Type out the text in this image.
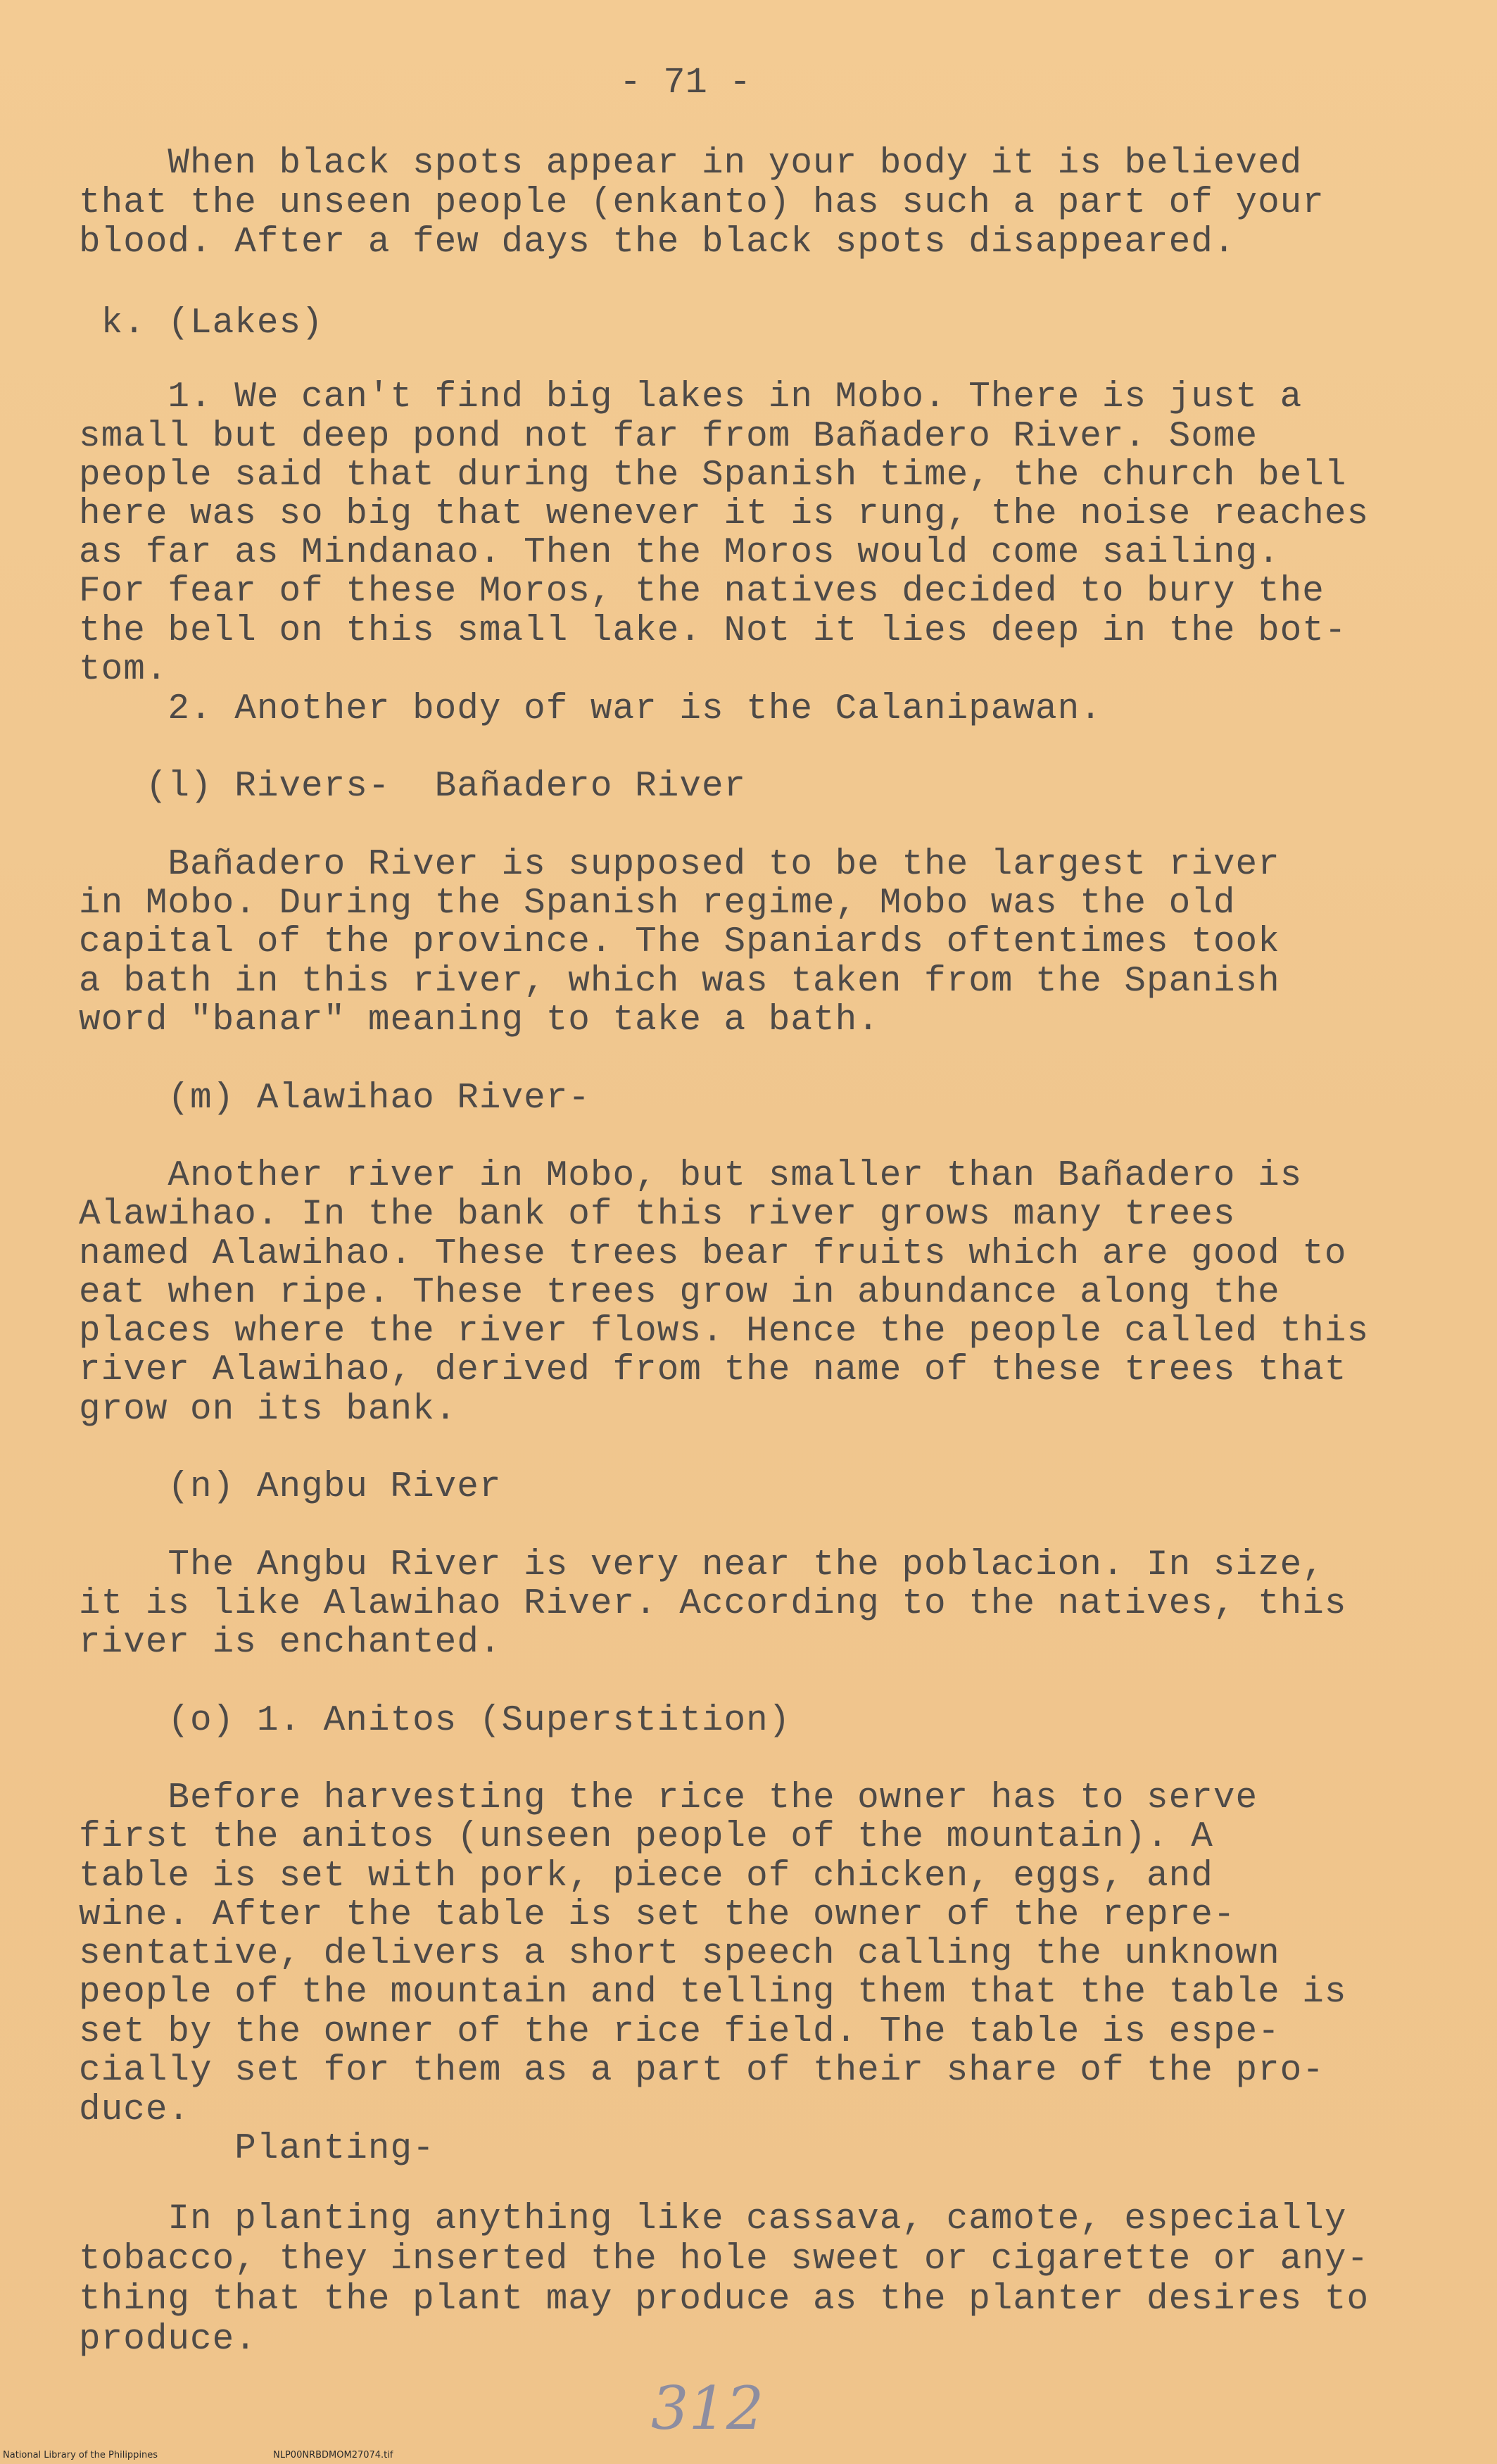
- 71 -
When black spots appear in your body it is believed
that the unseen people (enkanto) has such a part of your
blood. After a few days the black spots disappeared.
k. (Lakes)
1. We can't find big lakes in Mobo. There is just a
small but deep pond not far from Bañadero River. Some
people said that during the Spanish time, the church bell
here was so big that wenever it is rung, the noise reaches
as far as Mindanao. Then the Moros would come sailing.
For fear of these Moros, the natives decided to bury the
the bell on this small lake. Not it lies deep in the bot-
tom.
2. Another body of war is the Calanipawan.
(l) Rivers-  Bañadero River
Bañadero River is supposed to be the largest river
in Mobo. During the Spanish regime, Mobo was the old
capital of the province. The Spaniards oftentimes took
a bath in this river, which was taken from the Spanish
word "banar" meaning to take a bath.
(m) Alawihao River-
Another river in Mobo, but smaller than Bañadero is
Alawihao. In the bank of this river grows many trees
named Alawihao. These trees bear fruits which are good to
eat when ripe. These trees grow in abundance along the
places where the river flows. Hence the people called this
river Alawihao, derived from the name of these trees that
grow on its bank.
(n) Angbu River
The Angbu River is very near the poblacion. In size,
it is like Alawihao River. According to the natives, this
river is enchanted.
(o) 1. Anitos (Superstition)
Before harvesting the rice the owner has to serve
first the anitos (unseen people of the mountain). A
table is set with pork, piece of chicken, eggs, and
wine. After the table is set the owner of the repre-
sentative, delivers a short speech calling the unknown
people of the mountain and telling them that the table is
set by the owner of the rice field. The table is espe-
cially set for them as a part of their share of the pro-
duce.
Planting-
In planting anything like cassava, camote, especially
tobacco, they inserted the hole sweet or cigarette or any-
thing that the plant may produce as the planter desires to
produce.
312
National Library of the Philippines	NLP00NRBDMOM27074.tif
